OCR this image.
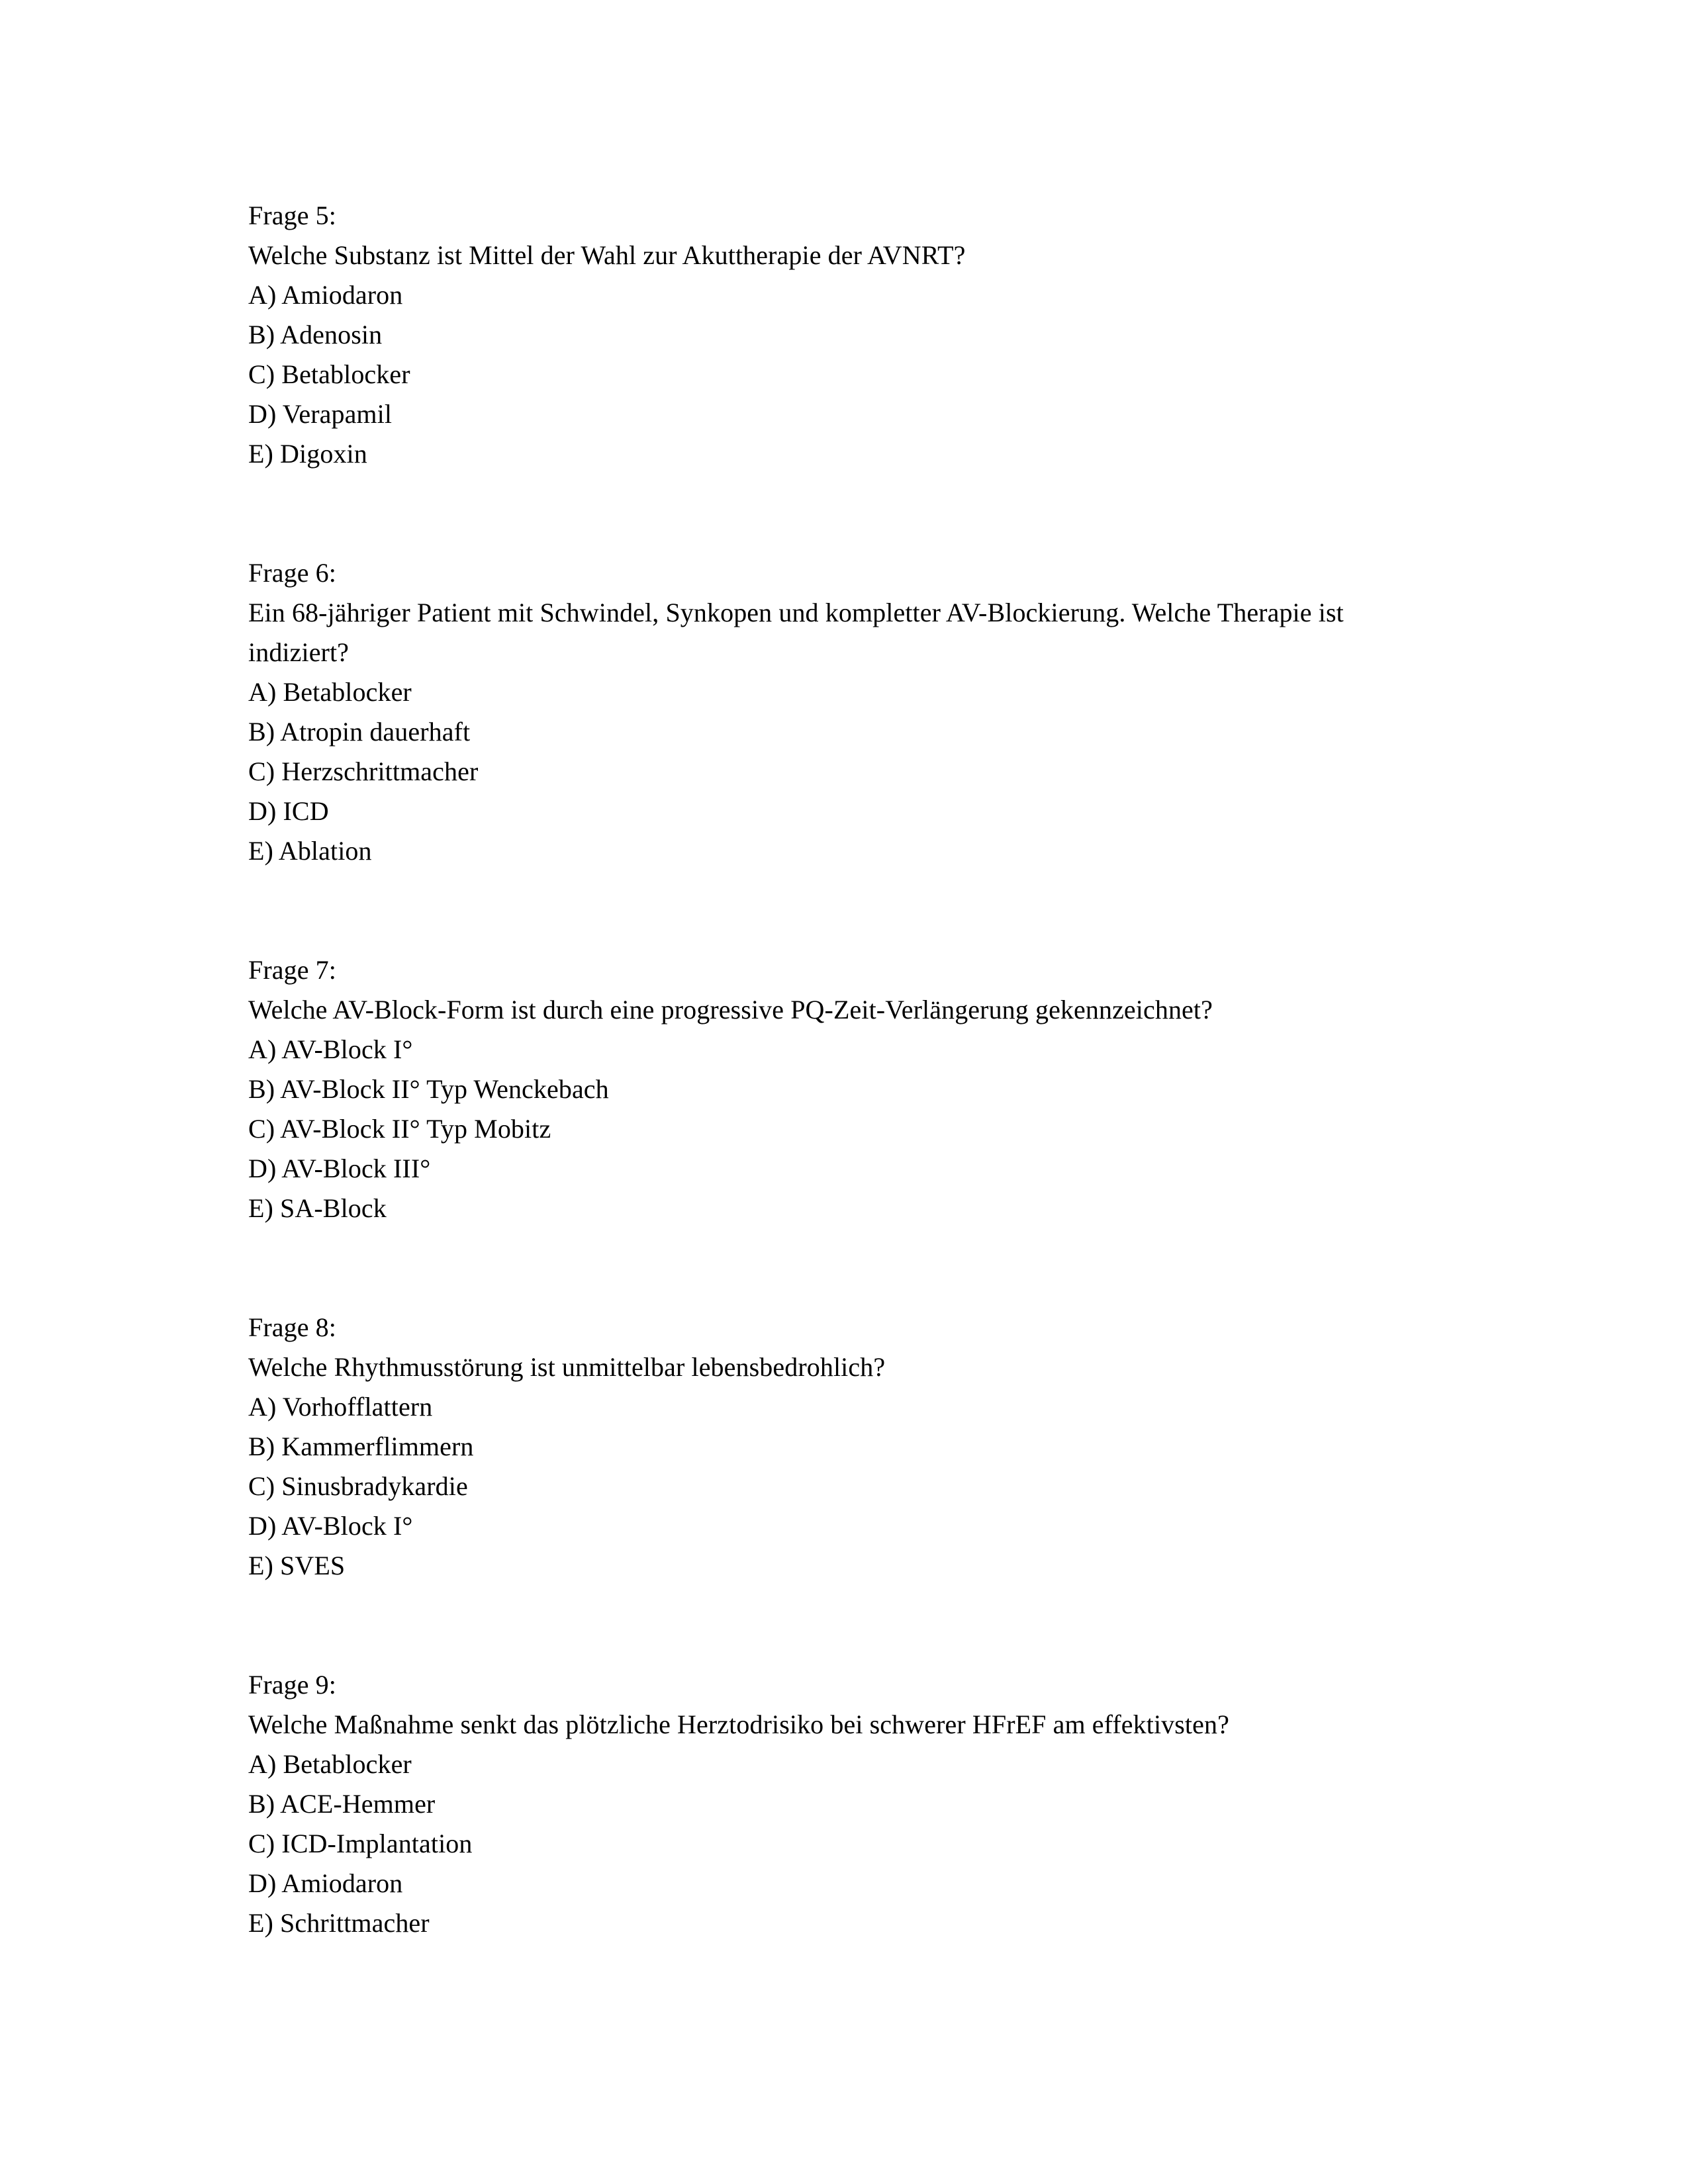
Frage 5:
Welche Substanz ist Mittel der Wahl zur Akuttherapie der AVNRT?
A) Amiodaron
B) Adenosin
C) Betablocker
D) Verapamil
E) Digoxin
Frage 6:
Ein 68-jähriger Patient mit Schwindel, Synkopen und kompletter AV-Blockierung. Welche Therapie ist indiziert?
A) Betablocker
B) Atropin dauerhaft
C) Herzschrittmacher
D) ICD
E) Ablation
Frage 7:
Welche AV-Block-Form ist durch eine progressive PQ-Zeit-Verlängerung gekennzeichnet?
A) AV-Block I°
B) AV-Block II° Typ Wenckebach
C) AV-Block II° Typ Mobitz
D) AV-Block III°
E) SA-Block
Frage 8:
Welche Rhythmusstörung ist unmittelbar lebensbedrohlich?
A) Vorhofflattern
B) Kammerflimmern
C) Sinusbradykardie
D) AV-Block I°
E) SVES
Frage 9:
Welche Maßnahme senkt das plötzliche Herztodrisiko bei schwerer HFrEF am effektivsten?
A) Betablocker
B) ACE-Hemmer
C) ICD-Implantation
D) Amiodaron
E) Schrittmacher
